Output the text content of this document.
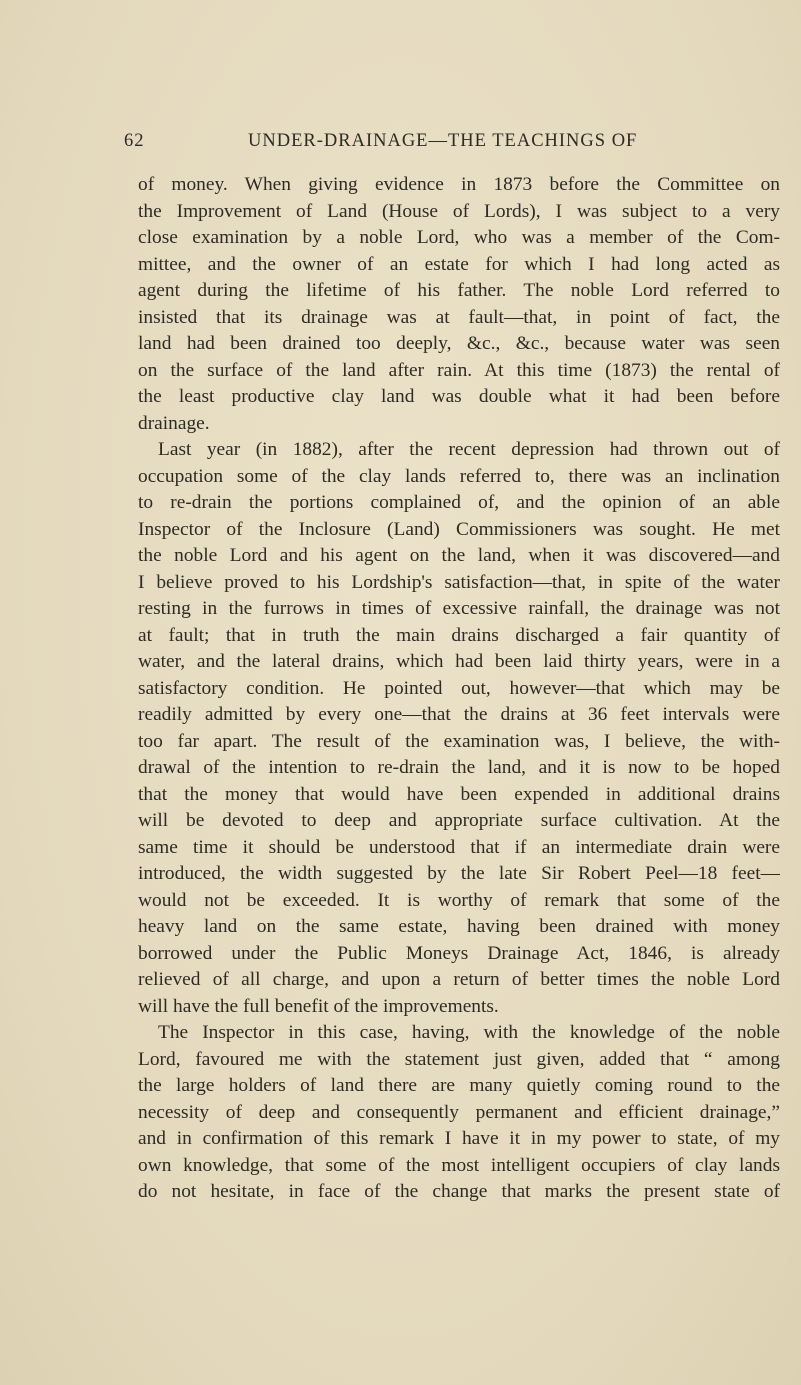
62	UNDER-DRAINAGE—THE TEACHINGS OF
of money. When giving evidence in 1873 before the Committee on
the Improvement of Land (House of Lords), I was subject to a very
close examination by a noble Lord, who was a member of the Com-
mittee, and the owner of an estate for which I had long acted as
agent during the lifetime of his father. The noble Lord referred to
insisted that its drainage was at fault—that, in point of fact, the
land had been drained too deeply, &c., &c., because water was seen
on the surface of the land after rain. At this time (1873) the rental of
the least productive clay land was double what it had been before
drainage.
Last year (in 1882), after the recent depression had thrown out of
occupation some of the clay lands referred to, there was an inclination
to re-drain the portions complained of, and the opinion of an able
Inspector of the Inclosure (Land) Commissioners was sought. He met
the noble Lord and his agent on the land, when it was discovered—and
I believe proved to his Lordship's satisfaction—that, in spite of the water
resting in the furrows in times of excessive rainfall, the drainage was not
at fault; that in truth the main drains discharged a fair quantity of
water, and the lateral drains, which had been laid thirty years, were in a
satisfactory condition. He pointed out, however—that which may be
readily admitted by every one—that the drains at 36 feet intervals were
too far apart. The result of the examination was, I believe, the with-
drawal of the intention to re-drain the land, and it is now to be hoped
that the money that would have been expended in additional drains
will be devoted to deep and appropriate surface cultivation. At the
same time it should be understood that if an intermediate drain were
introduced, the width suggested by the late Sir Robert Peel—18 feet—
would not be exceeded. It is worthy of remark that some of the
heavy land on the same estate, having been drained with money
borrowed under the Public Moneys Drainage Act, 1846, is already
relieved of all charge, and upon a return of better times the noble Lord
will have the full benefit of the improvements.
The Inspector in this case, having, with the knowledge of the noble
Lord, favoured me with the statement just given, added that “ among
the large holders of land there are many quietly coming round to the
necessity of deep and consequently permanent and efficient drainage,”
and in confirmation of this remark I have it in my power to state, of my
own knowledge, that some of the most intelligent occupiers of clay lands
do not hesitate, in face of the change that marks the present state of
